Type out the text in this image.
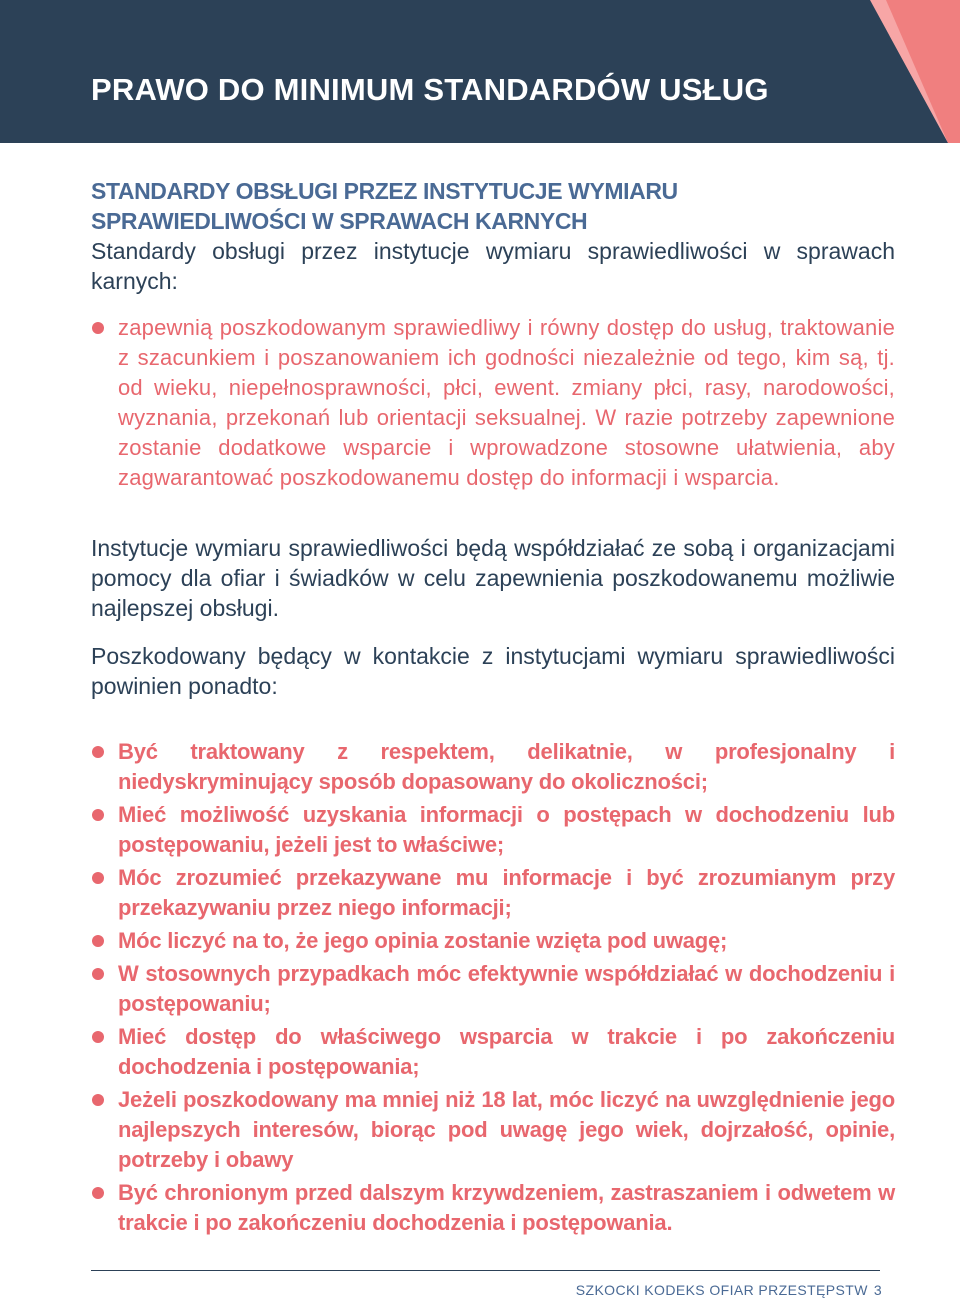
PRAWO DO MINIMUM STANDARDÓW USŁUG
STANDARDY OBSŁUGI PRZEZ INSTYTUCJE WYMIARU SPRAWIEDLIWOŚCI W SPRAWACH KARNYCH

Standardy obsługi przez instytucje wymiaru sprawiedliwości w sprawach karnych:

zapewnią poszkodowanym sprawiedliwy i równy dostęp do usług, traktowanie z szacunkiem i poszanowaniem ich godności niezależnie od tego, kim są, tj. od wieku, niepełnosprawności, płci, ewent. zmiany płci, rasy, narodowości, wyznania, przekonań lub orientacji seksualnej. W razie potrzeby zapewnione zostanie dodatkowe wsparcie i wprowadzone stosowne ułatwienia, aby zagwarantować poszkodowanemu dostęp do informacji i wsparcia.

Instytucje wymiaru sprawiedliwości będą współdziałać ze sobą i organizacjami pomocy dla ofiar i świadków w celu zapewnienia poszkodowanemu możliwie najlepszej obsługi.

Poszkodowany będący w kontakcie z instytucjami wymiaru sprawiedliwości powinien ponadto:

Być traktowany z respektem, delikatnie, w profesjonalny i niedyskryminujący sposób dopasowany do okoliczności;
Mieć możliwość uzyskania informacji o postępach w dochodzeniu lub postępowaniu, jeżeli jest to właściwe;
Móc zrozumieć przekazywane mu informacje i być zrozumianym przy przekazywaniu przez niego informacji;
Móc liczyć na to, że jego opinia zostanie wzięta pod uwagę;
W stosownych przypadkach móc efektywnie współdziałać w dochodzeniu i postępowaniu;
Mieć dostęp do właściwego wsparcia w trakcie i po zakończeniu dochodzenia i postępowania;
Jeżeli poszkodowany ma mniej niż 18 lat, móc liczyć na uwzględnienie jego najlepszych interesów, biorąc pod uwagę jego wiek, dojrzałość, opinie, potrzeby i obawy
Być chronionym przed dalszym krzywdzeniem, zastraszaniem i odwetem w trakcie i po zakończeniu dochodzenia i postępowania.
SZKOCKI KODEKS OFIAR PRZESTĘPSTW 3
